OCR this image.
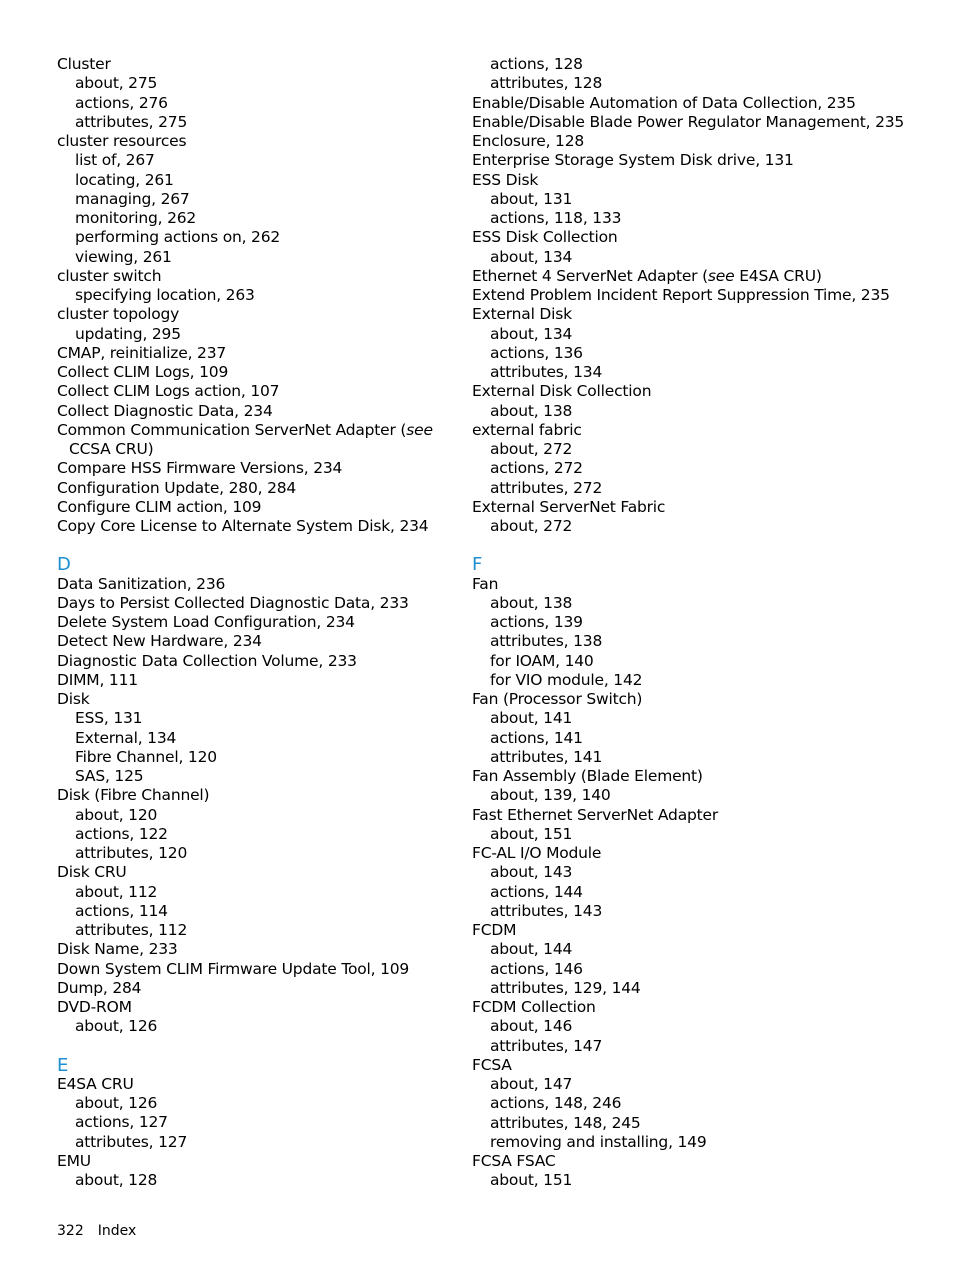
Cluster
about, 275
actions, 276
attributes, 275
cluster resources
list of, 267
locating, 261
managing, 267
monitoring, 262
performing actions on, 262
viewing, 261
cluster switch
specifying location, 263
cluster topology
updating, 295
CMAP, reinitialize, 237
Collect CLIM Logs, 109
Collect CLIM Logs action, 107
Collect Diagnostic Data, 234
Common Communication ServerNet Adapter (see CCSA CRU)
Compare HSS Firmware Versions, 234
Configuration Update, 280, 284
Configure CLIM action, 109
Copy Core License to Alternate System Disk, 234
D
Data Sanitization, 236
Days to Persist Collected Diagnostic Data, 233
Delete System Load Configuration, 234
Detect New Hardware, 234
Diagnostic Data Collection Volume, 233
DIMM, 111
Disk
ESS, 131
External, 134
Fibre Channel, 120
SAS, 125
Disk (Fibre Channel)
about, 120
actions, 122
attributes, 120
Disk CRU
about, 112
actions, 114
attributes, 112
Disk Name, 233
Down System CLIM Firmware Update Tool, 109
Dump, 284
DVD-ROM
about, 126
E
E4SA CRU
about, 126
actions, 127
attributes, 127
EMU
about, 128
actions, 128
attributes, 128
Enable/Disable Automation of Data Collection, 235
Enable/Disable Blade Power Regulator Management, 235
Enclosure, 128
Enterprise Storage System Disk drive, 131
ESS Disk
about, 131
actions, 118, 133
ESS Disk Collection
about, 134
Ethernet 4 ServerNet Adapter (see E4SA CRU)
Extend Problem Incident Report Suppression Time, 235
External Disk
about, 134
actions, 136
attributes, 134
External Disk Collection
about, 138
external fabric
about, 272
actions, 272
attributes, 272
External ServerNet Fabric
about, 272
F
Fan
about, 138
actions, 139
attributes, 138
for IOAM, 140
for VIO module, 142
Fan (Processor Switch)
about, 141
actions, 141
attributes, 141
Fan Assembly (Blade Element)
about, 139, 140
Fast Ethernet ServerNet Adapter
about, 151
FC-AL I/O Module
about, 143
actions, 144
attributes, 143
FCDM
about, 144
actions, 146
attributes, 129, 144
FCDM Collection
about, 146
attributes, 147
FCSA
about, 147
actions, 148, 246
attributes, 148, 245
removing and installing, 149
FCSA FSAC
about, 151
322 Index
